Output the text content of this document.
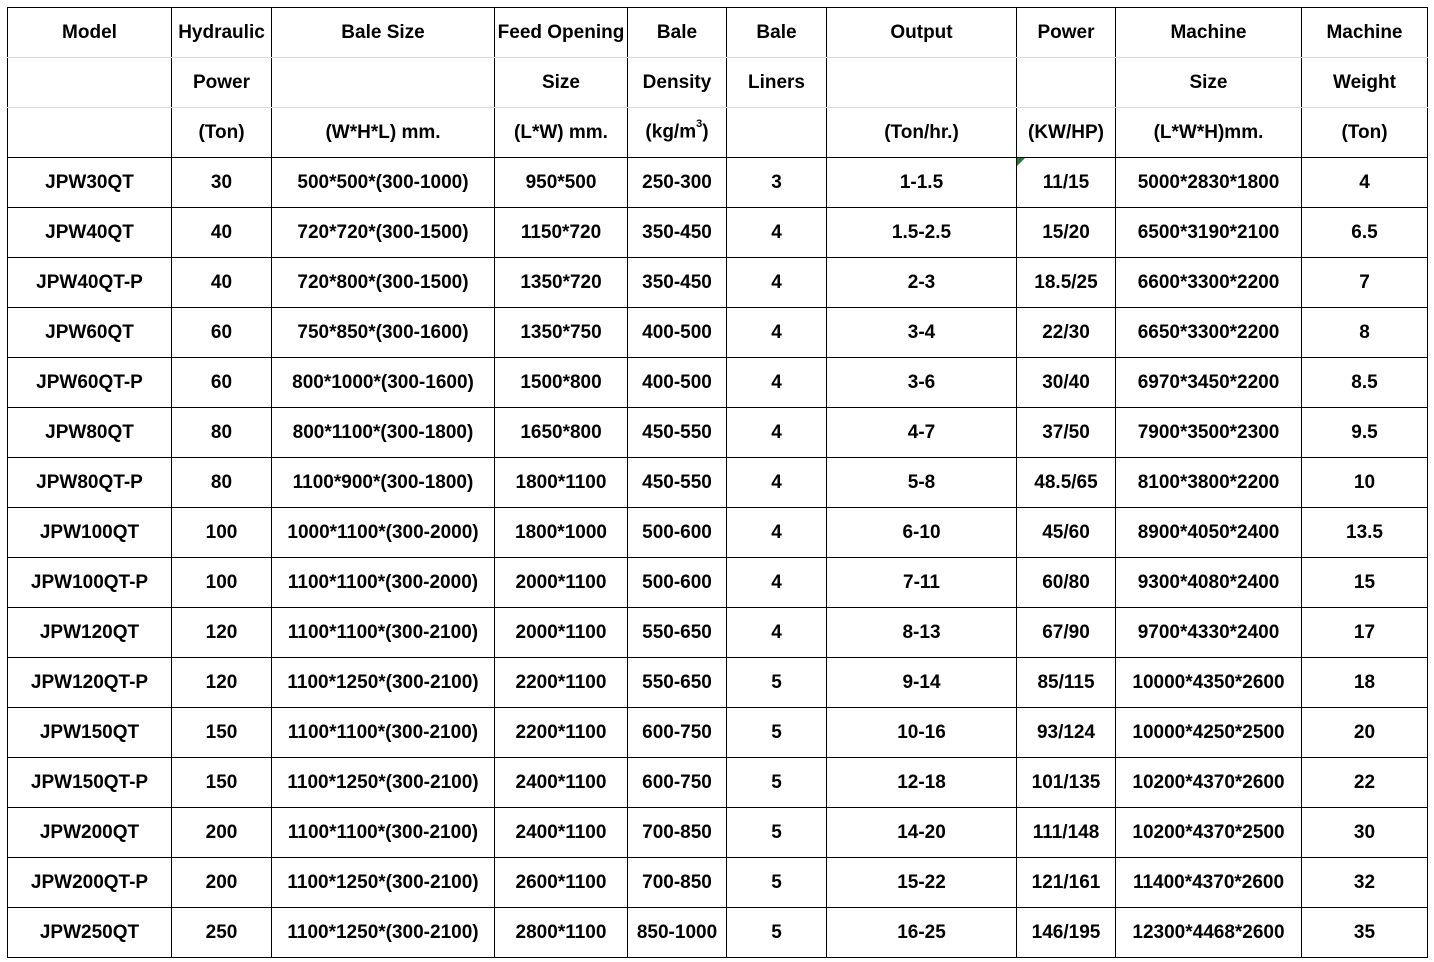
Model	Hydraulic	Bale Size	Feed Opening	Bale	Bale	Output	Power	Machine	Machine
	Power		Size	Density	Liners			Size	Weight
	(Ton)	(W*H*L) mm.	(L*W) mm.	$(kg/m^3)$		(Ton/hr.)	(KW/HP)	(L*W*H)mm.	(Ton)
JPW30QT	30	500*500*(300-1000)	950*500	250-300	3	1-1.5	11/15	5000*2830*1800	4
JPW40QT	40	720*720*(300-1500)	1150*720	350-450	4	1.5-2.5	15/20	6500*3190*2100	6.5
JPW40QT-P	40	720*800*(300-1500)	1350*720	350-450	4	2-3	18.5/25	6600*3300*2200	7
JPW60QT	60	750*850*(300-1600)	1350*750	400-500	4	3-4	22/30	6650*3300*2200	8
JPW60QT-P	60	800*1000*(300-1600)	1500*800	400-500	4	3-6	30/40	6970*3450*2200	8.5
JPW80QT	80	800*1100*(300-1800)	1650*800	450-550	4	4-7	37/50	7900*3500*2300	9.5
JPW80QT-P	80	1100*900*(300-1800)	1800*1100	450-550	4	5-8	48.5/65	8100*3800*2200	10
JPW100QT	100	1000*1100*(300-2000)	1800*1000	500-600	4	6-10	45/60	8900*4050*2400	13.5
JPW100QT-P	100	1100*1100*(300-2000)	2000*1100	500-600	4	7-11	60/80	9300*4080*2400	15
JPW120QT	120	1100*1100*(300-2100)	2000*1100	550-650	4	8-13	67/90	9700*4330*2400	17
JPW120QT-P	120	1100*1250*(300-2100)	2200*1100	550-650	5	9-14	85/115	10000*4350*2600	18
JPW150QT	150	1100*1100*(300-2100)	2200*1100	600-750	5	10-16	93/124	10000*4250*2500	20
JPW150QT-P	150	1100*1250*(300-2100)	2400*1100	600-750	5	12-18	101/135	10200*4370*2600	22
JPW200QT	200	1100*1100*(300-2100)	2400*1100	700-850	5	14-20	111/148	10200*4370*2500	30
JPW200QT-P	200	1100*1250*(300-2100)	2600*1100	700-850	5	15-22	121/161	11400*4370*2600	32
JPW250QT	250	1100*1250*(300-2100)	2800*1100	850-1000	5	16-25	146/195	12300*4468*2600	35
